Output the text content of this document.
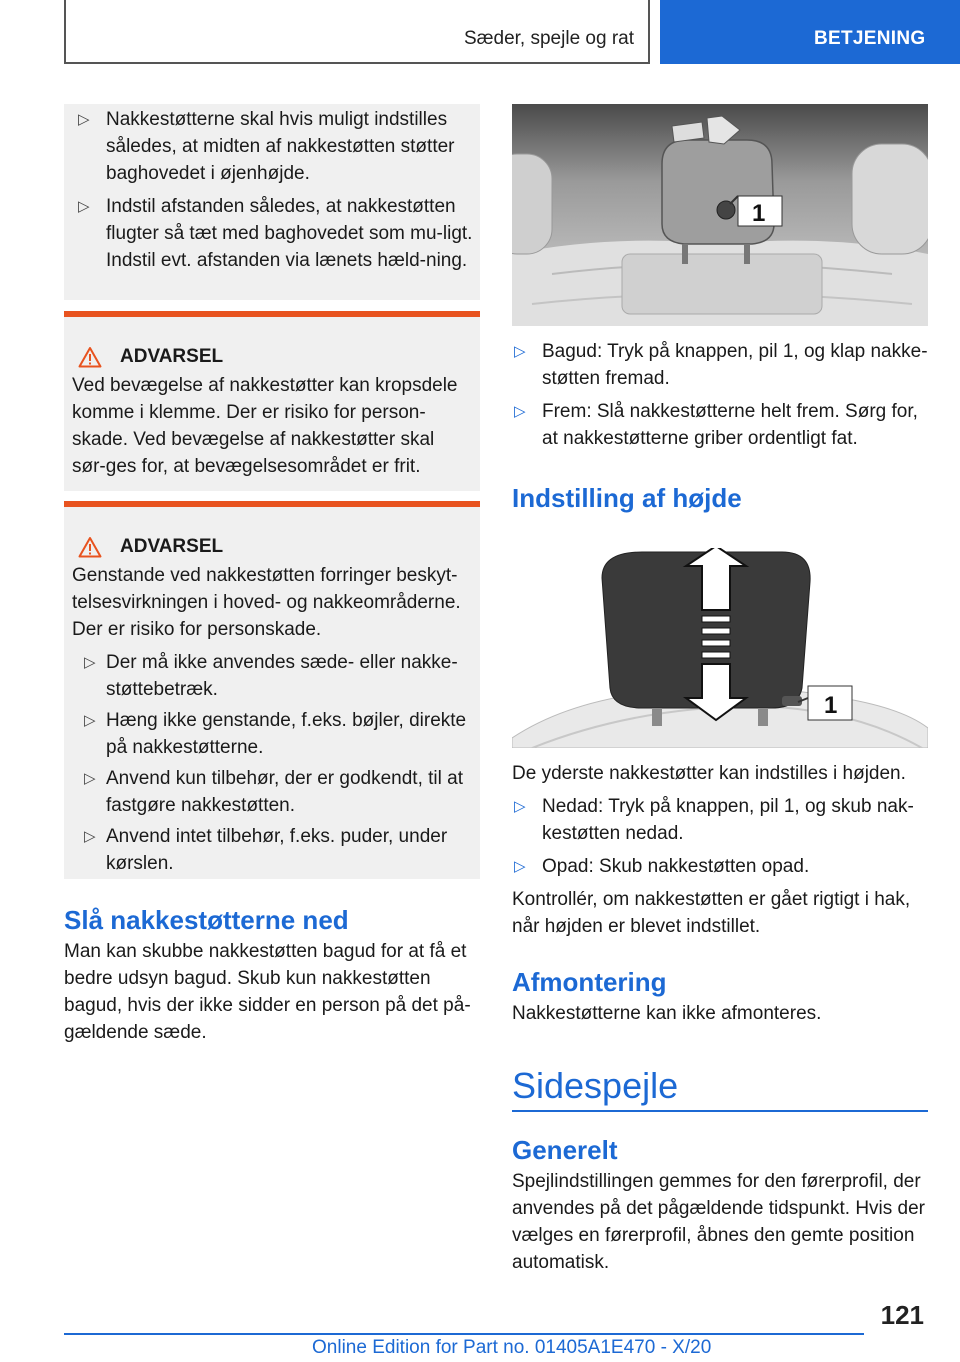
Sæder, spejle og rat	BETJENING
▷ Nakkestøtterne skal hvis muligt indstilles således, at midten af nakkestøtten støtter baghovedet i øjenhøjde.
▷ Indstil afstanden således, at nakkestøtten flugter så tæt med baghovedet som mu-ligt. Indstil evt. afstanden via lænets hæld-ning.
ADVARSEL
Ved bevægelse af nakkestøtter kan kropsdele komme i klemme. Der er risiko for person-skade. Ved bevægelse af nakkestøtter skal sør-ges for, at bevægelsesområdet er frit.
ADVARSEL
Genstande ved nakkestøtten forringer beskyt-telsesvirkningen i hoved- og nakkeområderne. Der er risiko for personskade.
▷ Der må ikke anvendes sæde- eller nakke-støttebetræk.
▷ Hæng ikke genstande, f.eks. bøjler, direkte på nakkestøtterne.
▷ Anvend kun tilbehør, der er godkendt, til at fastgøre nakkestøtten.
▷ Anvend intet tilbehør, f.eks. puder, under kørslen.
Slå nakkestøtterne ned
Man kan skubbe nakkestøtten bagud for at få et bedre udsyn bagud. Skub kun nakkestøtten bagud, hvis der ikke sidder en person på det på-gældende sæde.
1
▷ Bagud: Tryk på knappen, pil 1, og klap nakke-støtten fremad.
▷ Frem: Slå nakkestøtterne helt frem. Sørg for, at nakkestøtterne griber ordentligt fat.
Indstilling af højde
1
De yderste nakkestøtter kan indstilles i højden.
▷ Nedad: Tryk på knappen, pil 1, og skub nak-kestøtten nedad.
▷ Opad: Skub nakkestøtten opad.
Kontrollér, om nakkestøtten er gået rigtigt i hak, når højden er blevet indstillet.
Afmontering
Nakkestøtterne kan ikke afmonteres.
Sidespejle
Generelt
Spejlindstillingen gemmes for den førerprofil, der anvendes på det pågældende tidspunkt. Hvis der vælges en førerprofil, åbnes den gemte position automatisk.
121
Online Edition for Part no. 01405A1E470 - X/20
